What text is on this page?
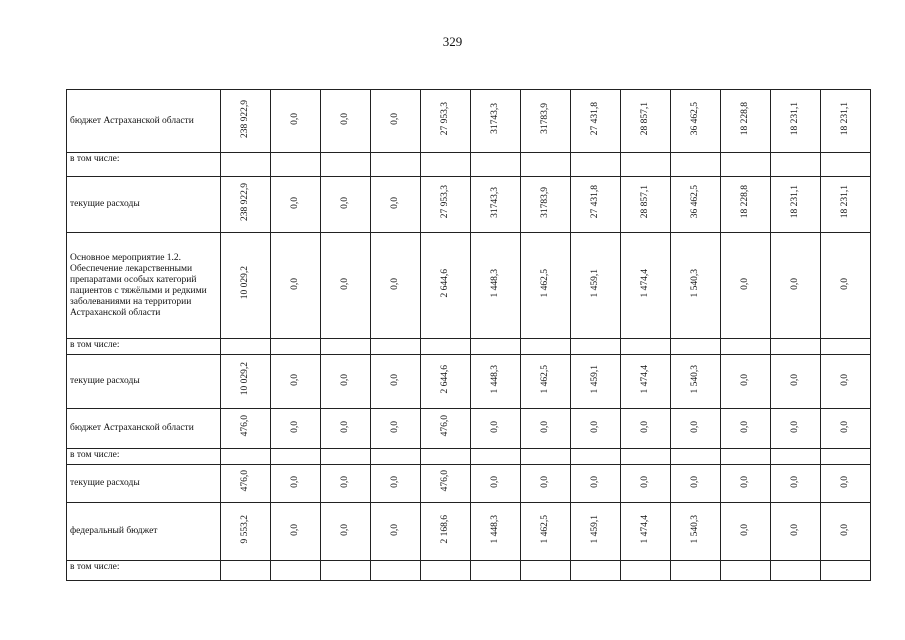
329
бюджет Астраханской области	238 922,9	0,0	0,0	0,0	27 953,3	31743,3	31783,9	27 431,8	28 857,1	36 462,5	18 228,8	18 231,1	18 231,1
в том числе:													
текущие расходы	238 922,9	0,0	0,0	0,0	27 953,3	31743,3	31783,9	27 431,8	28 857,1	36 462,5	18 228,8	18 231,1	18 231,1
Основное мероприятие 1.2. Обеспечение лекарственными препаратами особых категорий пациентов с тяжёлыми и редкими заболеваниями на территории Астраханской области	10 029,2	0,0	0,0	0,0	2 644,6	1 448,3	1 462,5	1 459,1	1 474,4	1 540,3	0,0	0,0	0,0
в том числе:													
текущие расходы	10 029,2	0,0	0,0	0,0	2 644,6	1 448,3	1 462,5	1 459,1	1 474,4	1 540,3	0,0	0,0	0,0
бюджет Астраханской области	476,0	0,0	0,0	0,0	476,0	0,0	0,0	0,0	0,0	0,0	0,0	0,0	0,0
в том числе:													
текущие расходы	476,0	0,0	0,0	0,0	476,0	0,0	0,0	0,0	0,0	0,0	0,0	0,0	0,0
федеральный бюджет	9 553,2	0,0	0,0	0,0	2 168,6	1 448,3	1 462,5	1 459,1	1 474,4	1 540,3	0,0	0,0	0,0
в том числе:													
